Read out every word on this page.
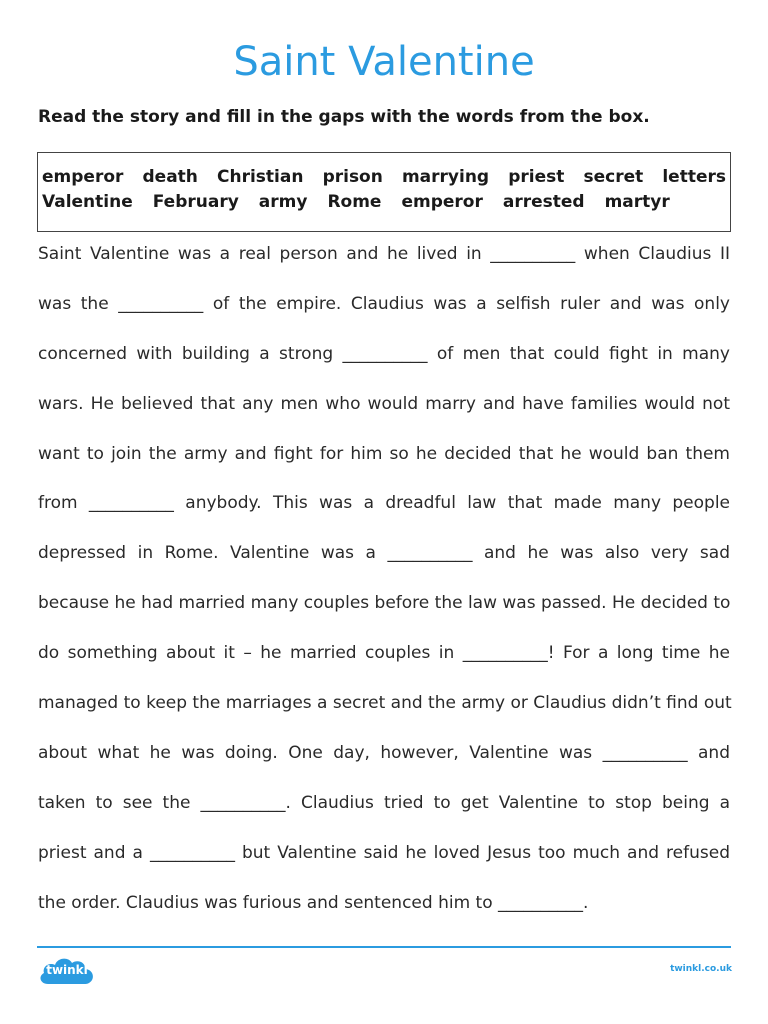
Saint Valentine
Read the story and fill in the gaps with the words from the box.
emperor death Christian prison marrying priest secret letters
Valentine February army Rome emperor arrested martyr
Saint Valentine was a real person and he lived in __________ when Claudius II
was the __________ of the empire. Claudius was a selfish ruler and was only
concerned with building a strong __________ of men that could fight in many
wars. He believed that any men who would marry and have families would not
want to join the army and fight for him so he decided that he would ban them
from __________ anybody. This was a dreadful law that made many people
depressed in Rome. Valentine was a __________ and he was also very sad
because he had married many couples before the law was passed. He decided to
do something about it – he married couples in __________! For a long time he
managed to keep the marriages a secret and the army or Claudius didn’t find out
about what he was doing. One day, however, Valentine was __________ and
taken to see the __________. Claudius tried to get Valentine to stop being a
priest and a __________ but Valentine said he loved Jesus too much and refused
the order. Claudius was furious and sentenced him to __________.
twinkl	twinkl.co.uk
